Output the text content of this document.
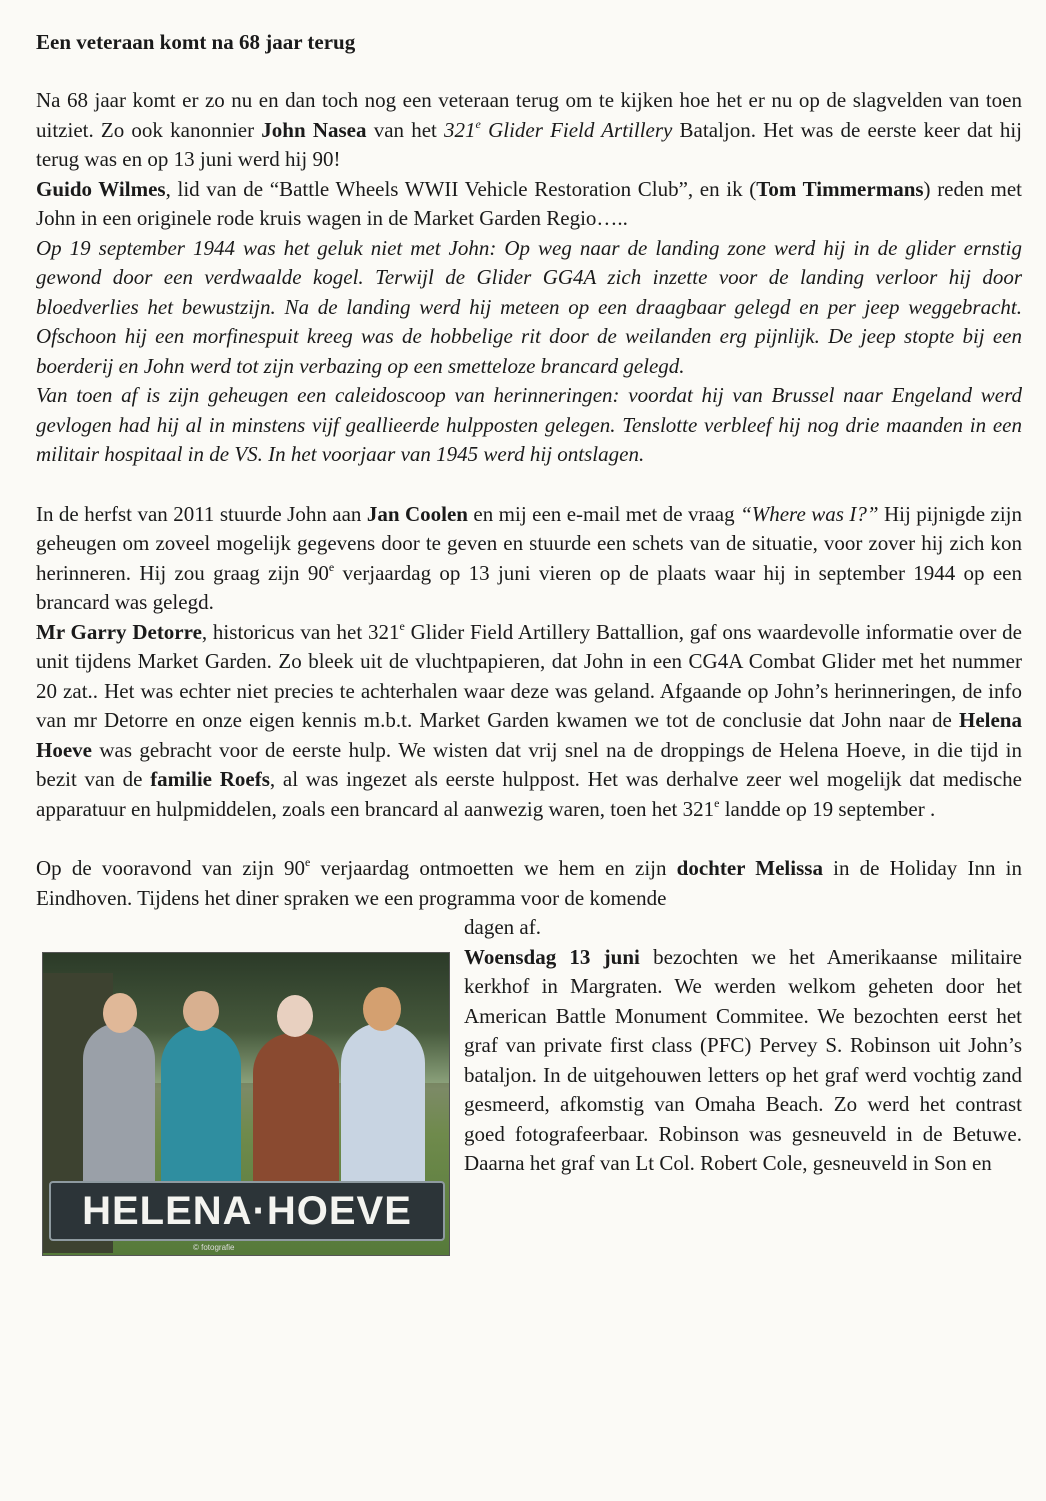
Een veteraan komt na 68 jaar terug

Na 68 jaar komt er zo nu en dan toch nog een veteraan terug om te kijken hoe het er nu op de slagvelden van toen uitziet. Zo ook kanonnier John Nasea van het 321e Glider Field Artillery Bataljon. Het was de eerste keer dat hij terug was en op 13 juni werd hij 90!

Guido Wilmes, lid van de “Battle Wheels WWII Vehicle Restoration Club”, en ik (Tom Timmermans) reden met John in een originele rode kruis wagen in de Market Garden Regio…..

Op 19 september 1944 was het geluk niet met John: Op weg naar de landing zone werd hij in de glider ernstig gewond door een verdwaalde kogel. Terwijl de Glider GG4A zich inzette voor de landing verloor hij door bloedverlies het bewustzijn. Na de landing werd hij meteen op een draagbaar gelegd en per jeep weggebracht. Ofschoon hij een morfinespuit kreeg was de hobbelige rit door de weilanden erg pijnlijk. De jeep stopte bij een boerderij en John werd tot zijn verbazing op een smetteloze brancard gelegd.

Van toen af is zijn geheugen een caleidoscoop van herinneringen: voordat hij van Brussel naar Engeland werd gevlogen had hij al in minstens vijf geallieerde hulpposten gelegen. Tenslotte verbleef hij nog drie maanden in een militair hospitaal in de VS. In het voorjaar van 1945 werd hij ontslagen.

In de herfst van 2011 stuurde John aan Jan Coolen en mij een e-mail met de vraag “Where was I?” Hij pijnigde zijn geheugen om zoveel mogelijk gegevens door te geven en stuurde een schets van de situatie, voor zover hij zich kon herinneren. Hij zou graag zijn 90e verjaardag op 13 juni vieren op de plaats waar hij in september 1944 op een brancard was gelegd.

Mr Garry Detorre, historicus van het 321e Glider Field Artillery Battallion, gaf ons waardevolle informatie over de unit tijdens Market Garden. Zo bleek uit de vluchtpapieren, dat John in een CG4A Combat Glider met het nummer 20 zat.. Het was echter niet precies te achterhalen waar deze was geland. Afgaande op John’s herinneringen, de info van mr Detorre en onze eigen kennis m.b.t. Market Garden kwamen we tot de conclusie dat John naar de Helena Hoeve was gebracht voor de eerste hulp. We wisten dat vrij snel na de droppings de Helena Hoeve, in die tijd in bezit van de familie Roefs, al was ingezet als eerste hulppost. Het was derhalve zeer wel mogelijk dat medische apparatuur en hulpmiddelen, zoals een brancard al aanwezig waren, toen het 321e landde op 19 september .

Op de vooravond van zijn 90e verjaardag ontmoetten we hem en zijn dochter Melissa in de Holiday Inn in Eindhoven. Tijdens het diner spraken we een programma voor de komende

HELENA·HOEVE
© fotografie

dagen af.

Woensdag 13 juni bezochten we het Amerikaanse militaire kerkhof in Margraten. We werden welkom geheten door het American Battle Monument Commitee. We bezochten eerst het graf van private first class (PFC) Pervey S. Robinson uit John’s bataljon. In de uitgehouwen letters op het graf werd vochtig zand gesmeerd, afkomstig van Omaha Beach. Zo werd het contrast goed fotografeerbaar. Robinson was gesneuveld in de Betuwe. Daarna het graf van Lt Col. Robert Cole, gesneuveld in Son en
